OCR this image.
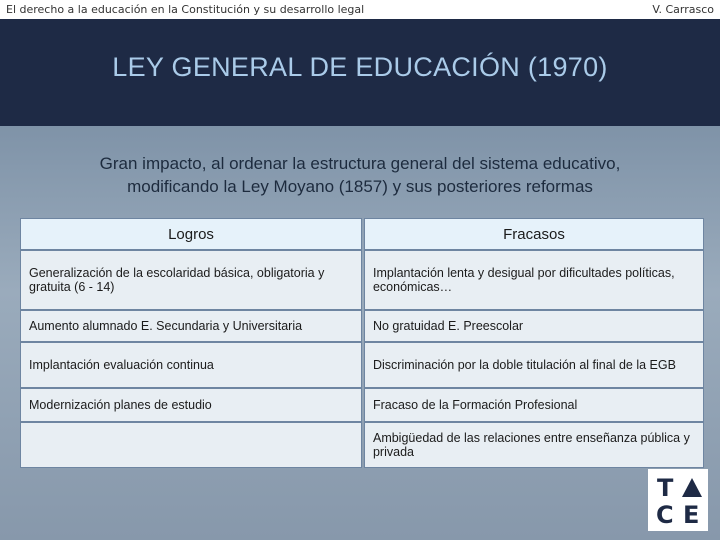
El derecho a la educación en la Constitución y su desarrollo legal	V. Carrasco
LEY GENERAL DE EDUCACIÓN (1970)
Gran impacto, al ordenar la estructura general del sistema educativo,
modificando la Ley Moyano (1857) y sus posteriores reformas
Logros		Fracasos
Generalización de la escolaridad básica, obligatoria y gratuita (6 - 14)		Implantación lenta y desigual por dificultades políticas, económicas…
Aumento alumnado E. Secundaria y Universitaria		No gratuidad E. Preescolar
Implantación evaluación continua		Discriminación por la doble titulación al final de la EGB
Modernización planes de estudio		Fracaso de la Formación Profesional
		Ambigüedad de las relaciones entre enseñanza pública y privada
T
C E
